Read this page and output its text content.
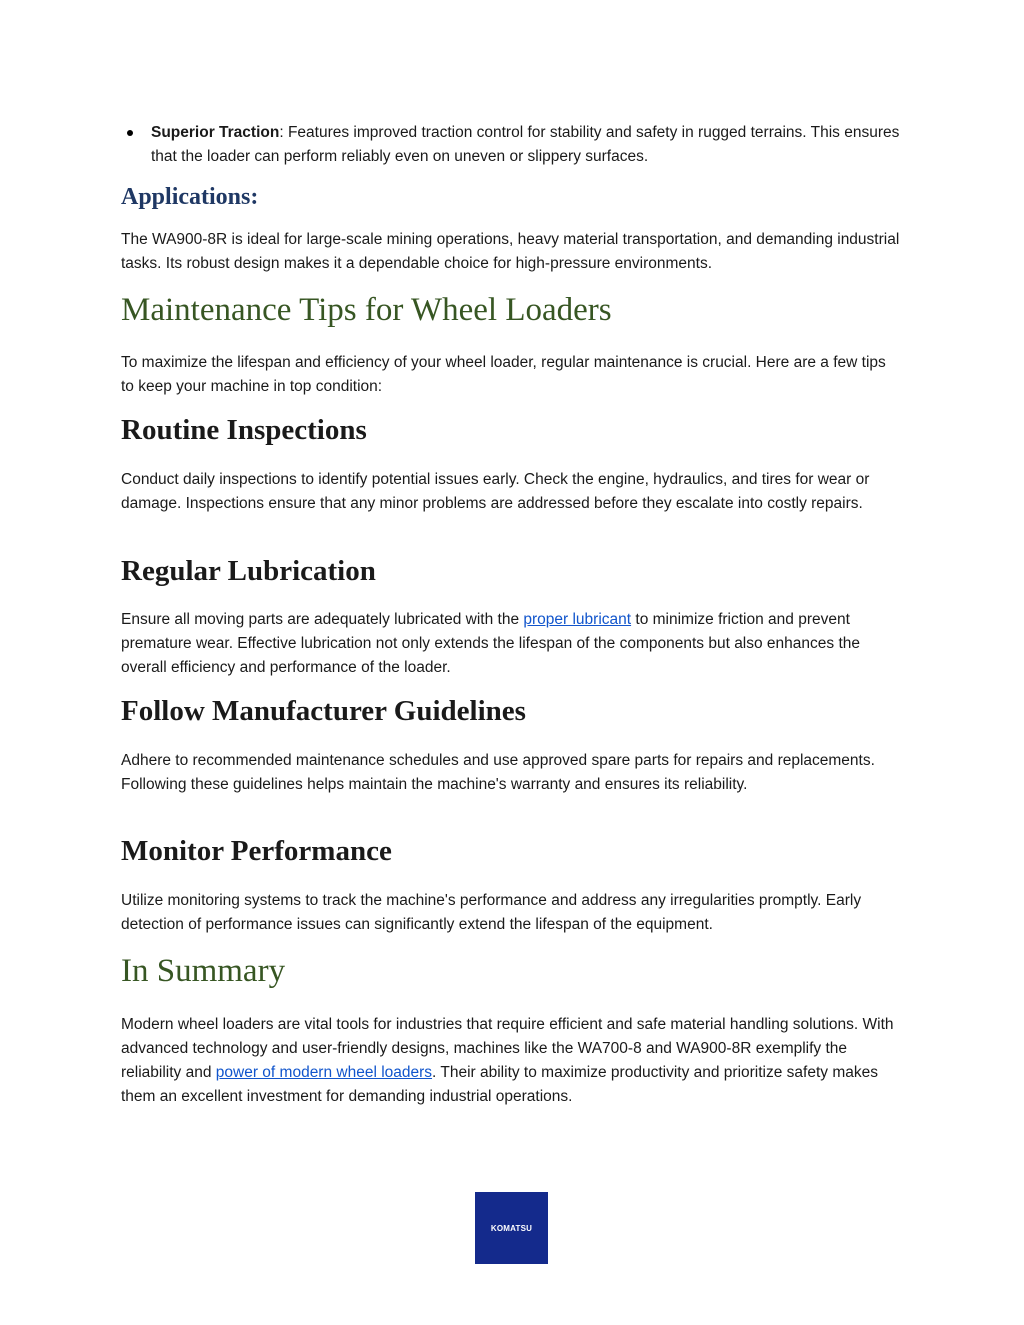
Superior Traction: Features improved traction control for stability and safety in rugged terrains. This ensures that the loader can perform reliably even on uneven or slippery surfaces.
Applications:

The WA900-8R is ideal for large-scale mining operations, heavy material transportation, and demanding industrial tasks. Its robust design makes it a dependable choice for high-pressure environments.

Maintenance Tips for Wheel Loaders

To maximize the lifespan and efficiency of your wheel loader, regular maintenance is crucial. Here are a few tips to keep your machine in top condition:

Routine Inspections

Conduct daily inspections to identify potential issues early. Check the engine, hydraulics, and tires for wear or damage. Inspections ensure that any minor problems are addressed before they escalate into costly repairs.

Regular Lubrication

Ensure all moving parts are adequately lubricated with the proper lubricant to minimize friction and prevent premature wear. Effective lubrication not only extends the lifespan of the components but also enhances the overall efficiency and performance of the loader.

Follow Manufacturer Guidelines

Adhere to recommended maintenance schedules and use approved spare parts for repairs and replacements. Following these guidelines helps maintain the machine's warranty and ensures its reliability.

Monitor Performance

Utilize monitoring systems to track the machine's performance and address any irregularities promptly. Early detection of performance issues can significantly extend the lifespan of the equipment.

In Summary

Modern wheel loaders are vital tools for industries that require efficient and safe material handling solutions. With advanced technology and user-friendly designs, machines like the WA700-8 and WA900-8R exemplify the reliability and power of modern wheel loaders. Their ability to maximize productivity and prioritize safety makes them an excellent investment for demanding industrial operations.

KOMATSU
